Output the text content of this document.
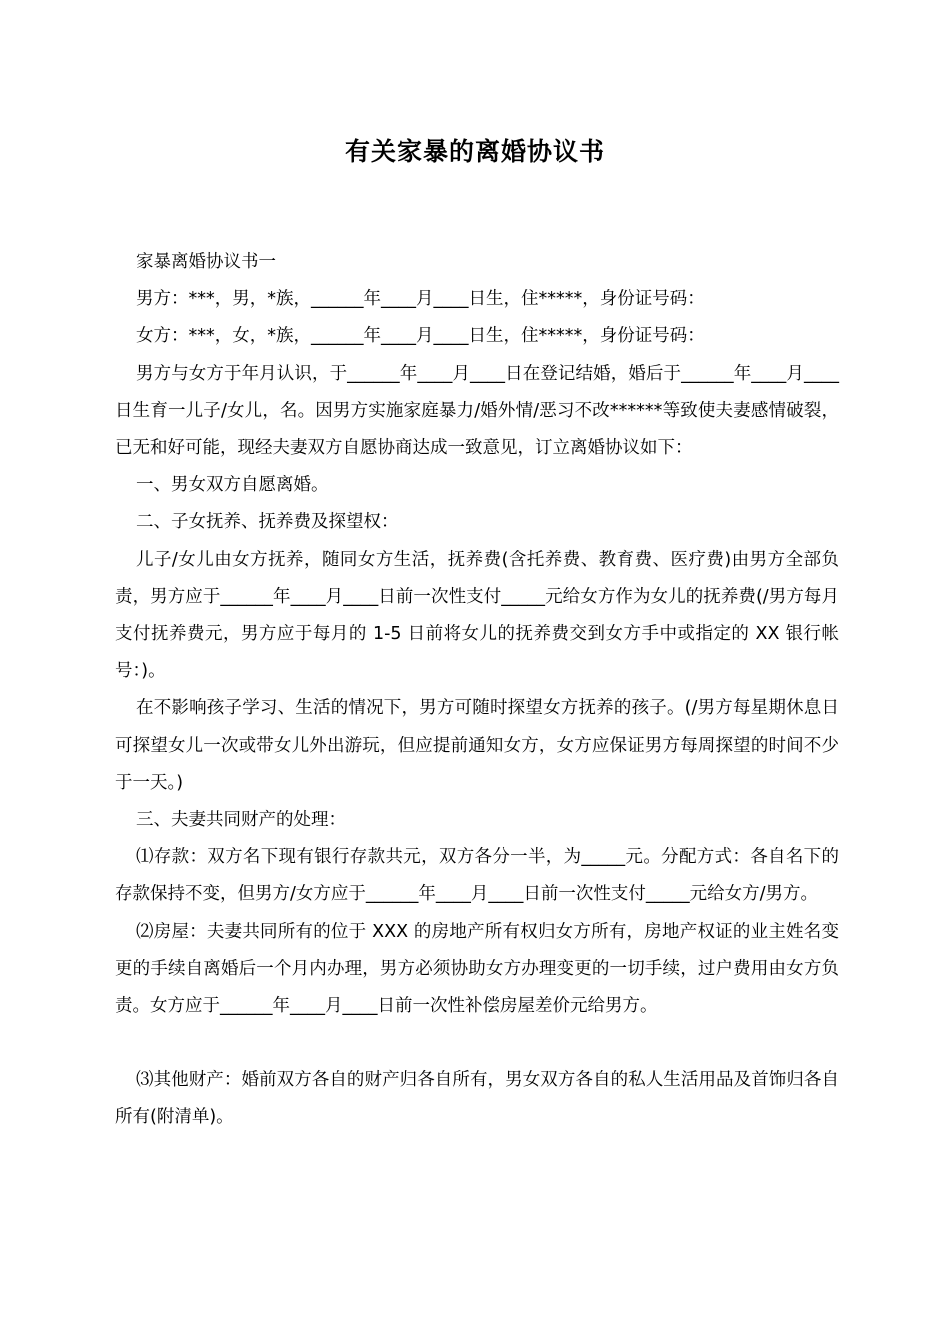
有关家暴的离婚协议书

家暴离婚协议书一

男方：***，男，*族，______年____月____日生，住*****，身份证号码：

女方：***，女，*族，______年____月____日生，住*****，身份证号码：

男方与女方于年月认识，于______年____月____日在登记结婚，婚后于______年____月____日生育一儿子/女儿，名。因男方实施家庭暴力/婚外情/恶习不改******等致使夫妻感情破裂，已无和好可能，现经夫妻双方自愿协商达成一致意见，订立离婚协议如下：

一、男女双方自愿离婚。

二、子女抚养、抚养费及探望权：

儿子/女儿由女方抚养，随同女方生活，抚养费(含托养费、教育费、医疗费)由男方全部负责，男方应于______年____月____日前一次性支付_____元给女方作为女儿的抚养费(/男方每月支付抚养费元，男方应于每月的 1-5 日前将女儿的抚养费交到女方手中或指定的 XX 银行帐号：)。

在不影响孩子学习、生活的情况下，男方可随时探望女方抚养的孩子。(/男方每星期休息日可探望女儿一次或带女儿外出游玩，但应提前通知女方，女方应保证男方每周探望的时间不少于一天。)

三、夫妻共同财产的处理：

⑴存款：双方名下现有银行存款共元，双方各分一半，为_____元。分配方式：各自名下的存款保持不变，但男方/女方应于______年____月____日前一次性支付_____元给女方/男方。

⑵房屋：夫妻共同所有的位于 XXX 的房地产所有权归女方所有，房地产权证的业主姓名变更的手续自离婚后一个月内办理，男方必须协助女方办理变更的一切手续，过户费用由女方负责。女方应于______年____月____日前一次性补偿房屋差价元给男方。

⑶其他财产：婚前双方各自的财产归各自所有，男女双方各自的私人生活用品及首饰归各自所有(附清单)。
